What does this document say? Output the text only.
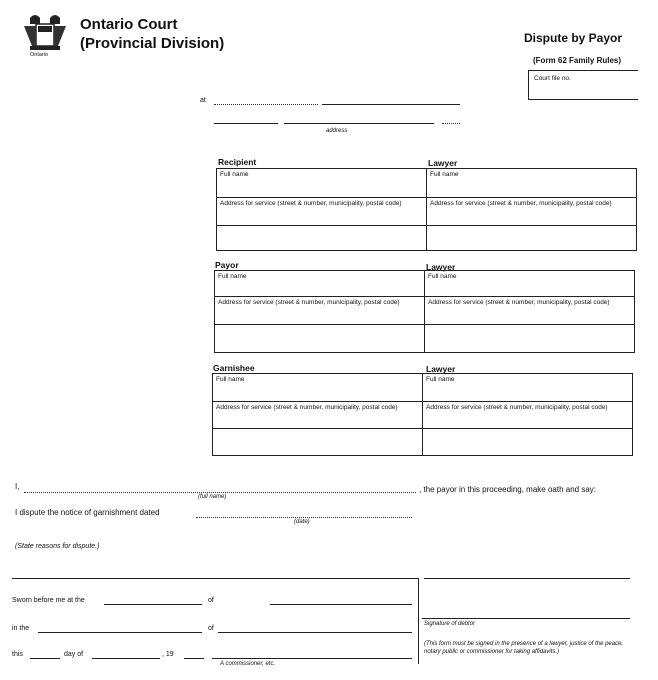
Ontario
Ontario Court
(Provincial Division)	Dispute by Payor
(Form 62 Family Rules)
Court file no.
at
address
Recipient	Lawyer
Full name	Full name
Address for service (street & number, municipality, postal code)	Address for service (street & number, municipality, postal code)
Payor	Lawyer
Full name	Full name
Address for service (street & number, municipality, postal code)	Address for service (street & number, municipality, postal code)
Garnishee	Lawyer
Full name	Full name
Address for service (street & number, municipality, postal code)	Address for service (street & number, municipality, postal code)
I,	, the payor in this proceeding, make oath and say:
(full name)
I dispute the notice of garnishment dated
(date)
(State reasons for dispute.)
Sworn before me at the	of
in the	of
this	day of	, 19
A commissioner, etc.
Signature of debtor
(This form must be signed in the presence of a lawyer, justice of the peace, notary public or commissioner for taking affidavits.)
